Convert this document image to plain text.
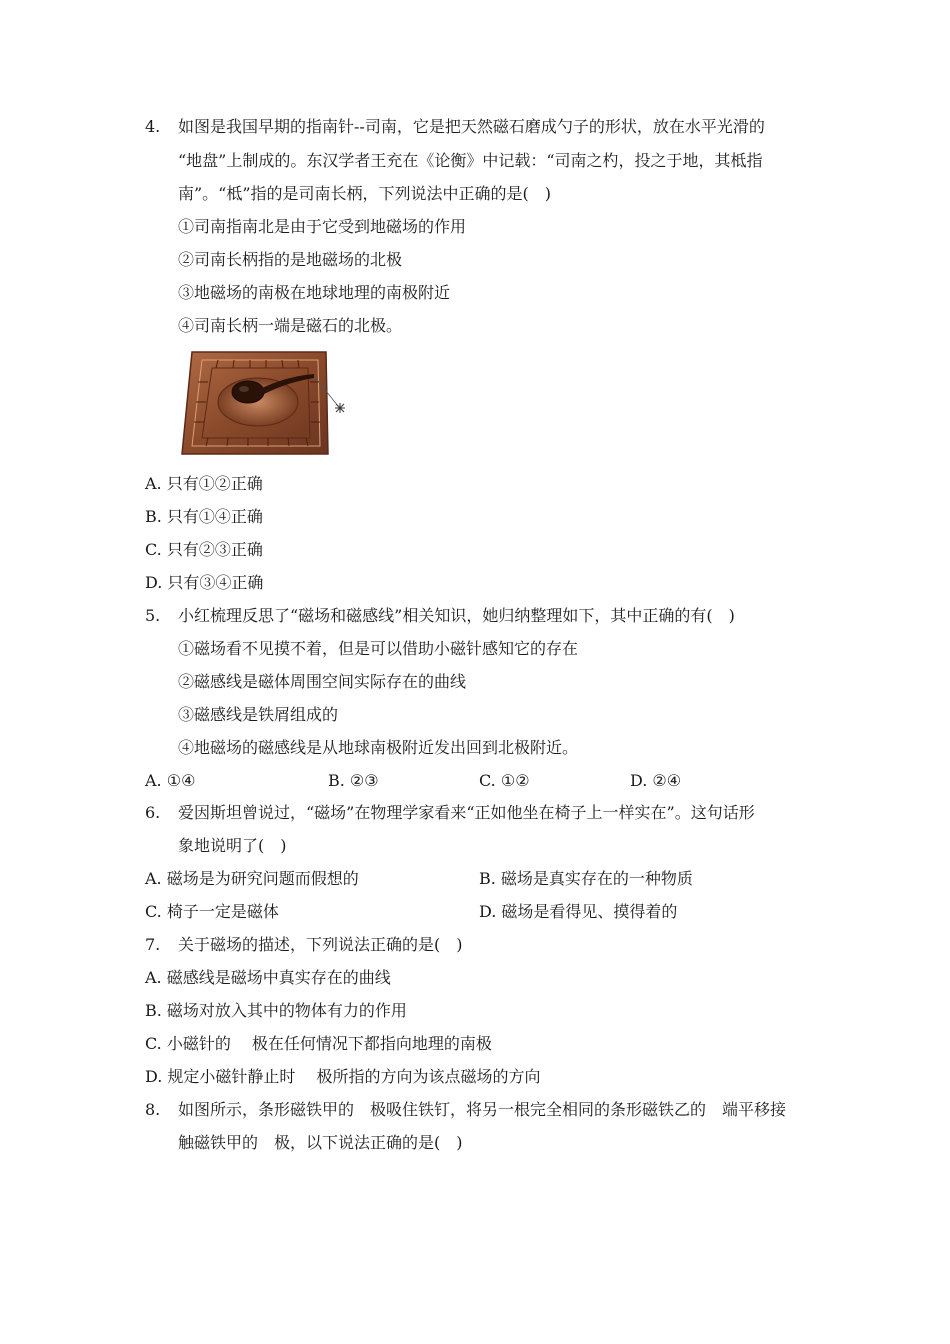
4.	如图是我国早期的指南针--司南，它是把天然磁石磨成勺子的形状，放在水平光滑的
“地盘”上制成的。东汉学者王充在《论衡》中记载：“司南之杓，投之于地，其柢指
南”。“柢”指的是司南长柄，下列说法中正确的是(　)
①司南指南北是由于它受到地磁场的作用
②司南长柄指的是地磁场的北极
③地磁场的南极在地球地理的南极附近
④司南长柄一端是磁石的北极。
A. 只有①②正确
B. 只有①④正确
C. 只有②③正确
D. 只有③④正确
5.	小红梳理反思了“磁场和磁感线”相关知识，她归纳整理如下，其中正确的有(　)
①磁场看不见摸不着，但是可以借助小磁针感知它的存在
②磁感线是磁体周围空间实际存在的曲线
③磁感线是铁屑组成的
④地磁场的磁感线是从地球南极附近发出回到北极附近。
A. ①④	B. ②③	C. ①②	D. ②④
6.	爱因斯坦曾说过，“磁场”在物理学家看来“正如他坐在椅子上一样实在”。这句话形
象地说明了(　)
A. 磁场是为研究问题而假想的	B. 磁场是真实存在的一种物质
C. 椅子一定是磁体	D. 磁场是看得见、摸得着的
7.	关于磁场的描述，下列说法正确的是(　)
A. 磁感线是磁场中真实存在的曲线
B. 磁场对放入其中的物体有力的作用
C. 小磁针的　 极在任何情况下都指向地理的南极
D. 规定小磁针静止时　 极所指的方向为该点磁场的方向
8.	如图所示，条形磁铁甲的　极吸住铁钉，将另一根完全相同的条形磁铁乙的　端平移接
触磁铁甲的　极，以下说法正确的是(　)
